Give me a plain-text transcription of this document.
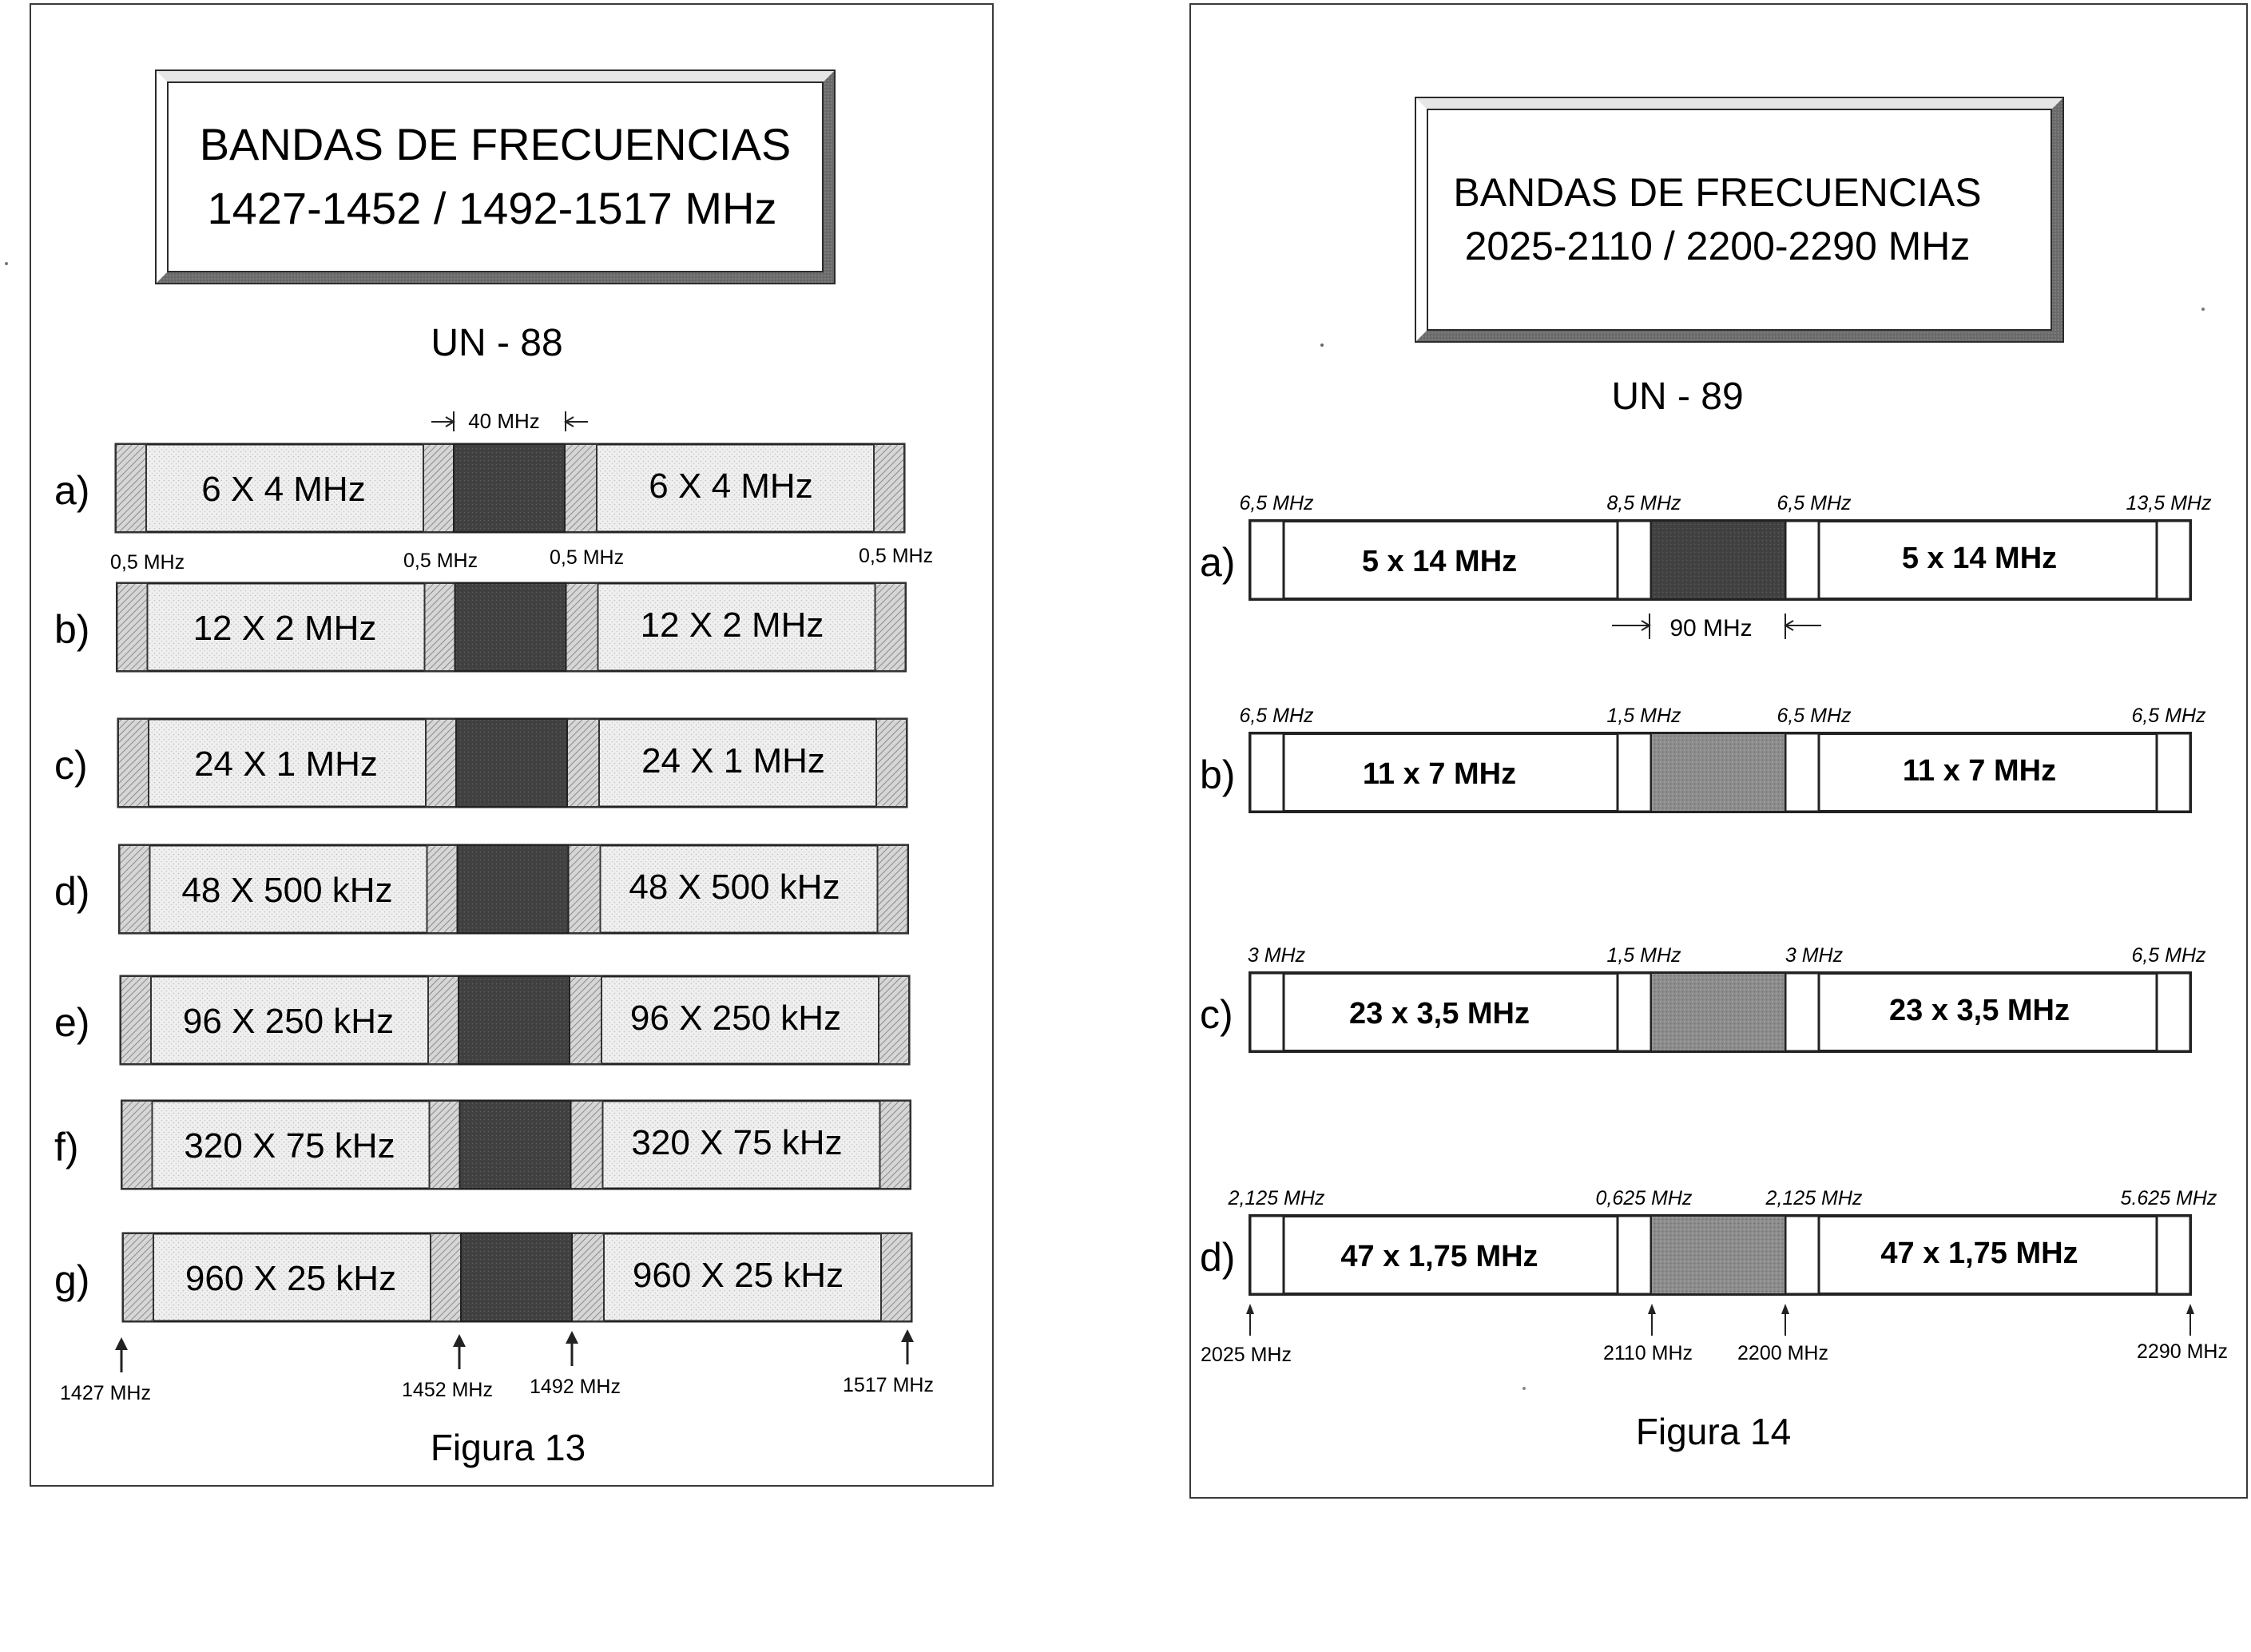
BANDAS DE FRECUENCIAS
1427-1452 / 1492-1517 MHz
UN - 88
40 MHz
a)	6 X 4 MHz	6 X 4 MHz
b)	12 X 2 MHz	12 X 2 MHz
c)	24 X 1 MHz	24 X 1 MHz
d)	48 X 500 kHz	48 X 500 kHz
e)	96 X 250 kHz	96 X 250 kHz
f)	320 X 75 kHz	320 X 75 kHz
g)	960 X 25 kHz	960 X 25 kHz
0,5 MHz	0,5 MHz	0,5 MHz	0,5 MHz
1427 MHz	1452 MHz 1492 MHz	1517 MHz
Figura 13
BANDAS DE FRECUENCIAS
2025-2110 / 2200-2290 MHz
UN - 89
a)	5 x 14 MHz	5 x 14 MHz
6,5 MHz	8,5 MHz	6,5 MHz	13,5 MHz
b)	11 x 7 MHz	11 x 7 MHz
6,5 MHz	1,5 MHz	6,5 MHz	6,5 MHz
c)	23 x 3,5 MHz	23 x 3,5 MHz
3 MHz	1,5 MHz	3 MHz	6,5 MHz
d)	47 x 1,75 MHz	47 x 1,75 MHz
2,125 MHz	0,625 MHz	2,125 MHz	5.625 MHz
90 MHz
2025 MHz	2110 MHz 2200 MHz	2290 MHz
Figura 14
